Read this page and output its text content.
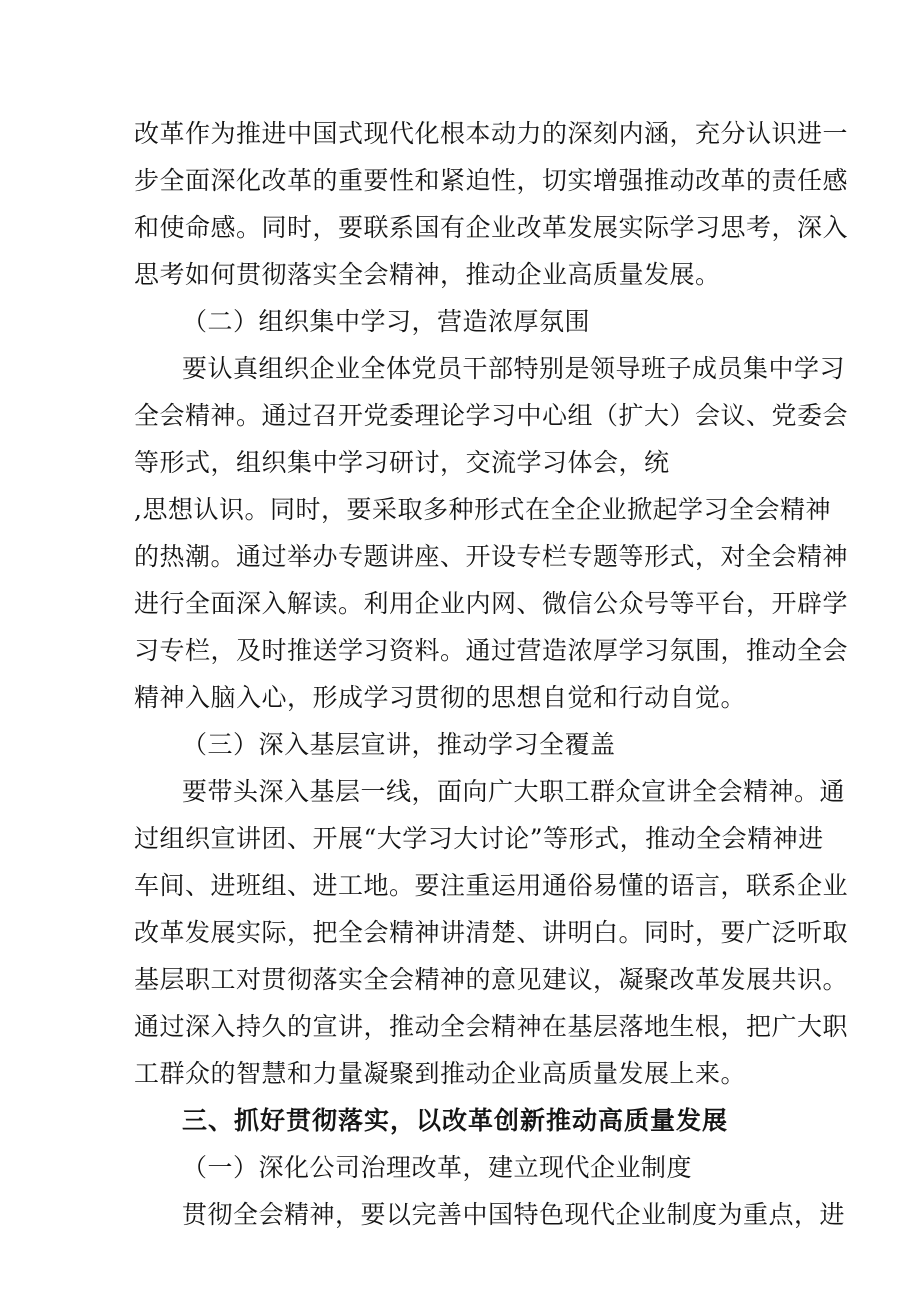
改革作为推进中国式现代化根本动力的深刻内涵，充分认识进一
步全面深化改革的重要性和紧迫性，切实增强推动改革的责任感
和使命感。同时，要联系国有企业改革发展实际学习思考，深入
思考如何贯彻落实全会精神，推动企业高质量发展。
（二）组织集中学习，营造浓厚氛围
要认真组织企业全体党员干部特别是领导班子成员集中学习
全会精神。通过召开党委理论学习中心组（扩大）会议、党委会
等形式，组织集中学习研讨，交流学习体会，统
,思想认识。同时，要采取多种形式在全企业掀起学习全会精神
的热潮。通过举办专题讲座、开设专栏专题等形式，对全会精神
进行全面深入解读。利用企业内网、微信公众号等平台，开辟学
习专栏，及时推送学习资料。通过营造浓厚学习氛围，推动全会
精神入脑入心，形成学习贯彻的思想自觉和行动自觉。
（三）深入基层宣讲，推动学习全覆盖
要带头深入基层一线，面向广大职工群众宣讲全会精神。通
过组织宣讲团、开展“大学习大讨论”等形式，推动全会精神进
车间、进班组、进工地。要注重运用通俗易懂的语言，联系企业
改革发展实际，把全会精神讲清楚、讲明白。同时，要广泛听取
基层职工对贯彻落实全会精神的意见建议，凝聚改革发展共识。
通过深入持久的宣讲，推动全会精神在基层落地生根，把广大职
工群众的智慧和力量凝聚到推动企业高质量发展上来。
三、抓好贯彻落实，以改革创新推动高质量发展
（一）深化公司治理改革，建立现代企业制度
贯彻全会精神，要以完善中国特色现代企业制度为重点，进
